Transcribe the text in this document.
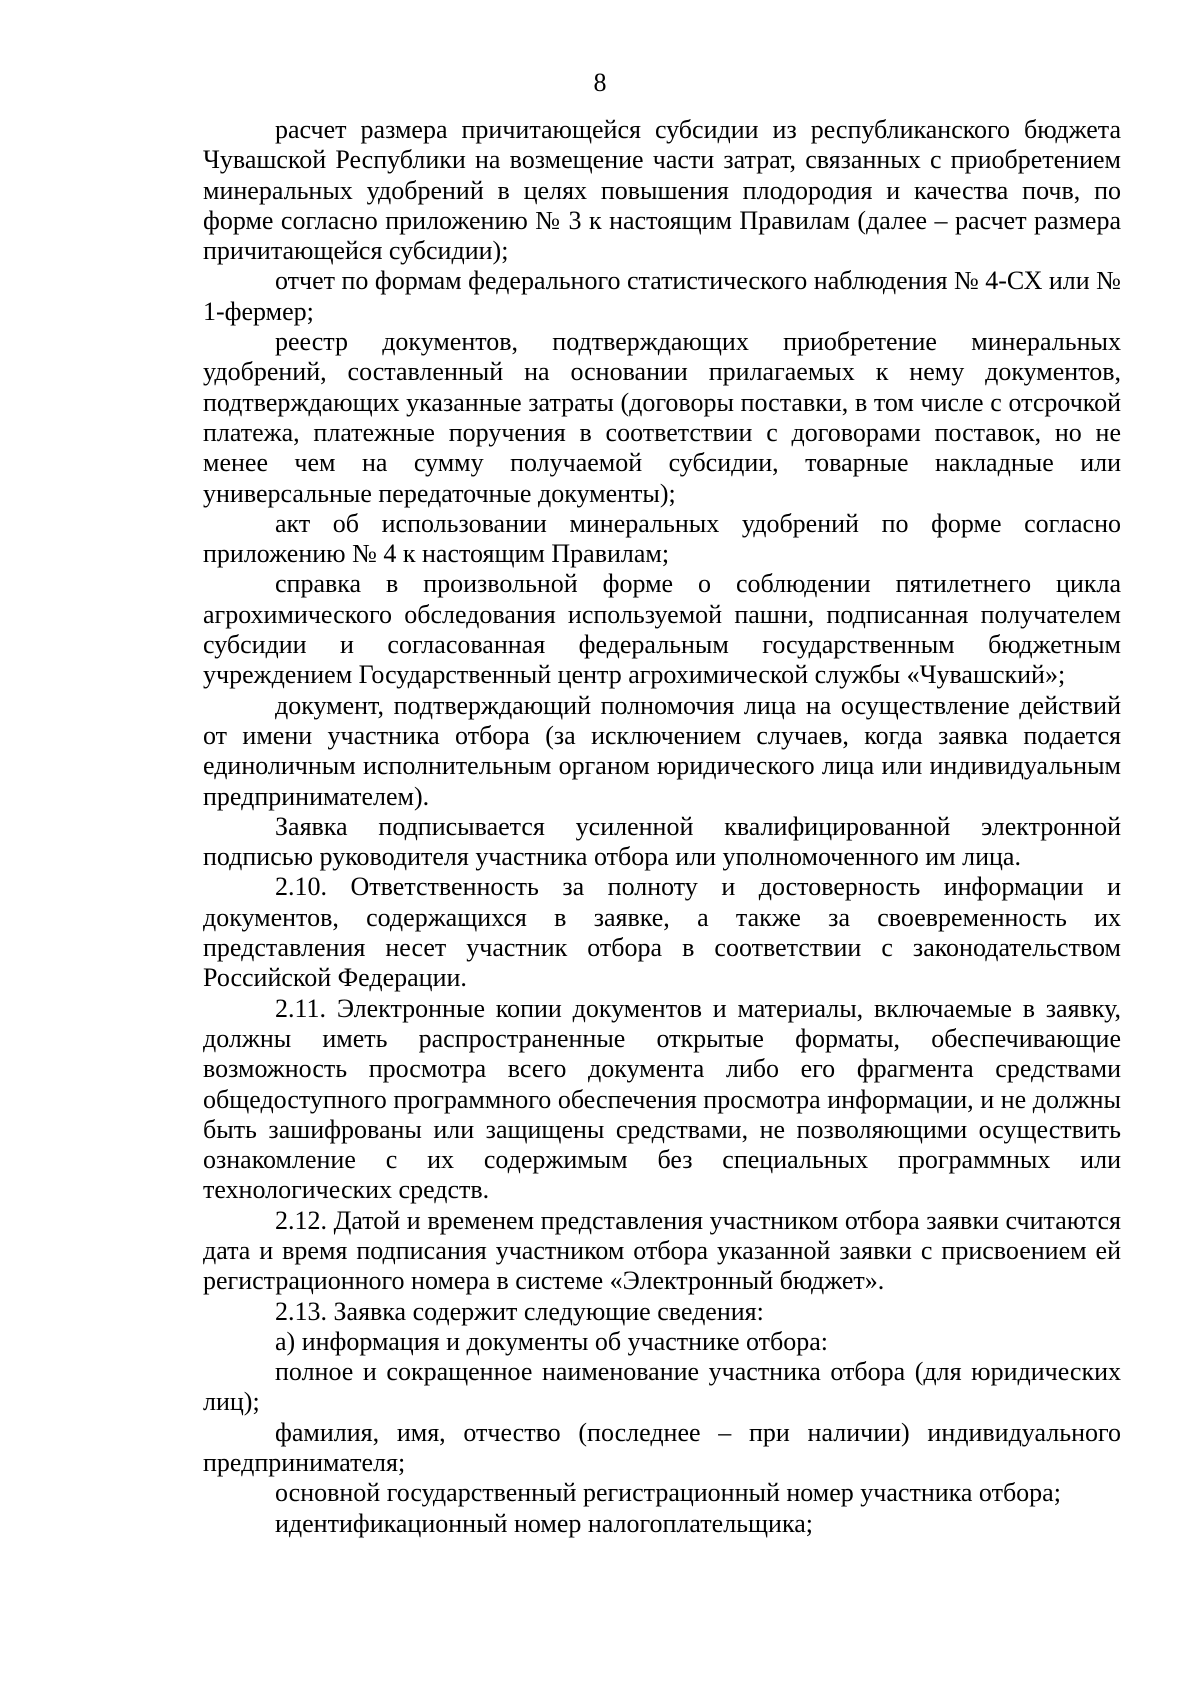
8

расчет размера причитающейся субсидии из республиканского бюджета Чувашской Республики на возмещение части затрат, связанных с приобретением минеральных удобрений в целях повышения плодородия и качества почв, по форме согласно приложению № 3 к настоящим Правилам (далее – расчет размера причитающейся субсидии);

отчет по формам федерального статистического наблюдения № 4-СХ или № 1-фермер;

реестр документов, подтверждающих приобретение минеральных удобрений, составленный на основании прилагаемых к нему документов, подтверждающих указанные затраты (договоры поставки, в том числе с отсрочкой платежа, платежные поручения в соответствии с договорами поставок, но не менее чем на сумму получаемой субсидии, товарные накладные или универсальные передаточные документы);

акт об использовании минеральных удобрений по форме согласно приложению № 4 к настоящим Правилам;

справка в произвольной форме о соблюдении пятилетнего цикла агрохимического обследования используемой пашни, подписанная получателем субсидии и согласованная федеральным государственным бюджетным учреждением Государственный центр агрохимической службы «Чувашский»;

документ, подтверждающий полномочия лица на осуществление действий от имени участника отбора (за исключением случаев, когда заявка подается единоличным исполнительным органом юридического лица или индивидуальным предпринимателем).

Заявка подписывается усиленной квалифицированной электронной подписью руководителя участника отбора или уполномоченного им лица.

2.10. Ответственность за полноту и достоверность информации и документов, содержащихся в заявке, а также за своевременность их представления несет участник отбора в соответствии с законодательством Российской Федерации.

2.11. Электронные копии документов и материалы, включаемые в заявку, должны иметь распространенные открытые форматы, обеспечивающие возможность просмотра всего документа либо его фрагмента средствами общедоступного программного обеспечения просмотра информации, и не должны быть зашифрованы или защищены средствами, не позволяющими осуществить ознакомление с их содержимым без специальных программных или технологических средств.

2.12. Датой и временем представления участником отбора заявки считаются дата и время подписания участником отбора указанной заявки с присвоением ей регистрационного номера в системе «Электронный бюджет».

2.13. Заявка содержит следующие сведения:

а) информация и документы об участнике отбора:

полное и сокращенное наименование участника отбора (для юридических лиц);

фамилия, имя, отчество (последнее – при наличии) индивидуального предпринимателя;

основной государственный регистрационный номер участника отбора;

идентификационный номер налогоплательщика;
